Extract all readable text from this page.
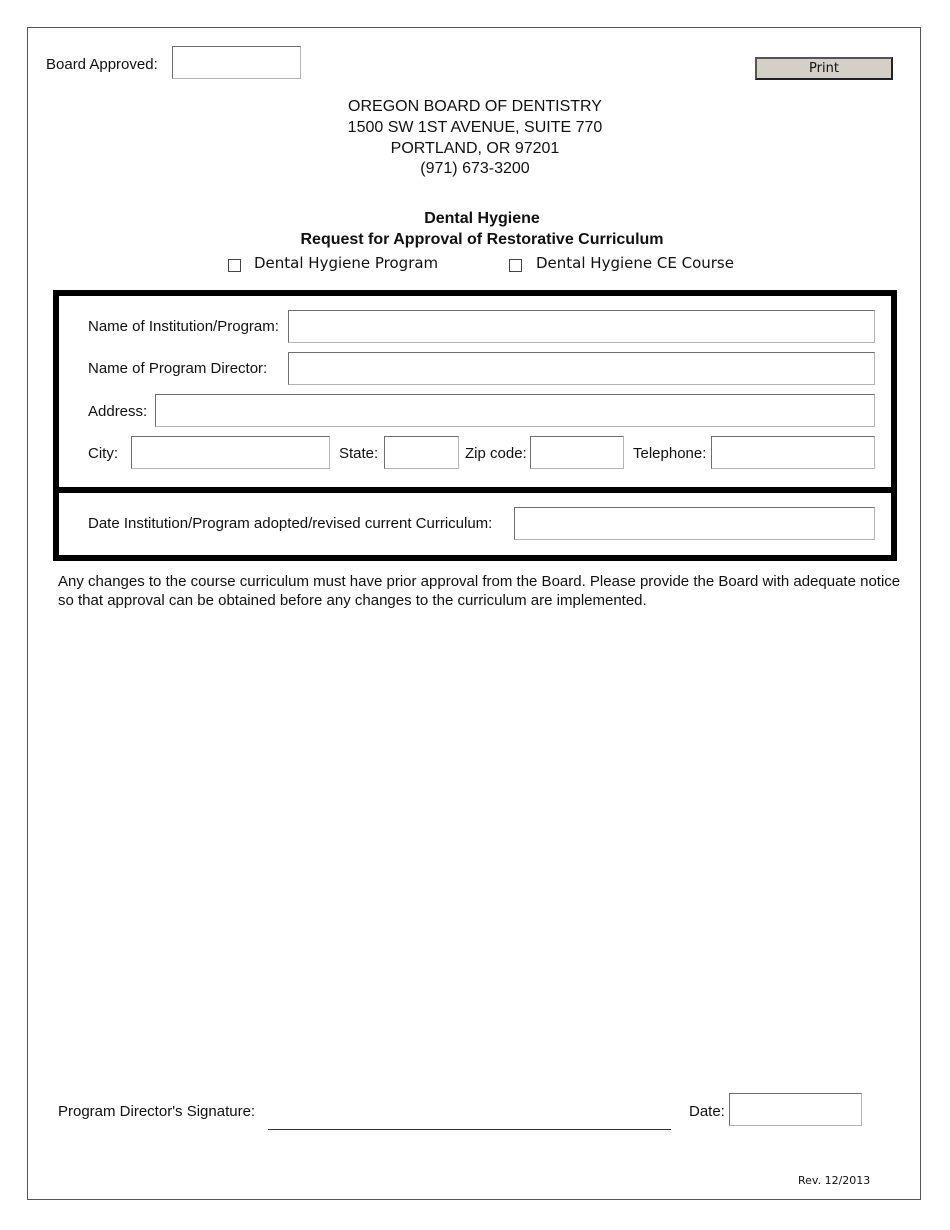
Board Approved:	Print
OREGON BOARD OF DENTISTRY
1500 SW 1ST AVENUE, SUITE 770
PORTLAND, OR 97201
(971) 673-3200
Dental Hygiene
Request for Approval of Restorative Curriculum
Dental Hygiene Program	Dental Hygiene CE Course
Name of Institution/Program:
Name of Program Director:
Address:
City:	State:	Zip code:	Telephone:
Date Institution/Program adopted/revised current Curriculum:
Any changes to the course curriculum must have prior approval from the Board. Please provide the Board with adequate notice so that approval can be obtained before any changes to the curriculum are implemented.
Program Director's Signature:	Date:
Rev. 12/2013
